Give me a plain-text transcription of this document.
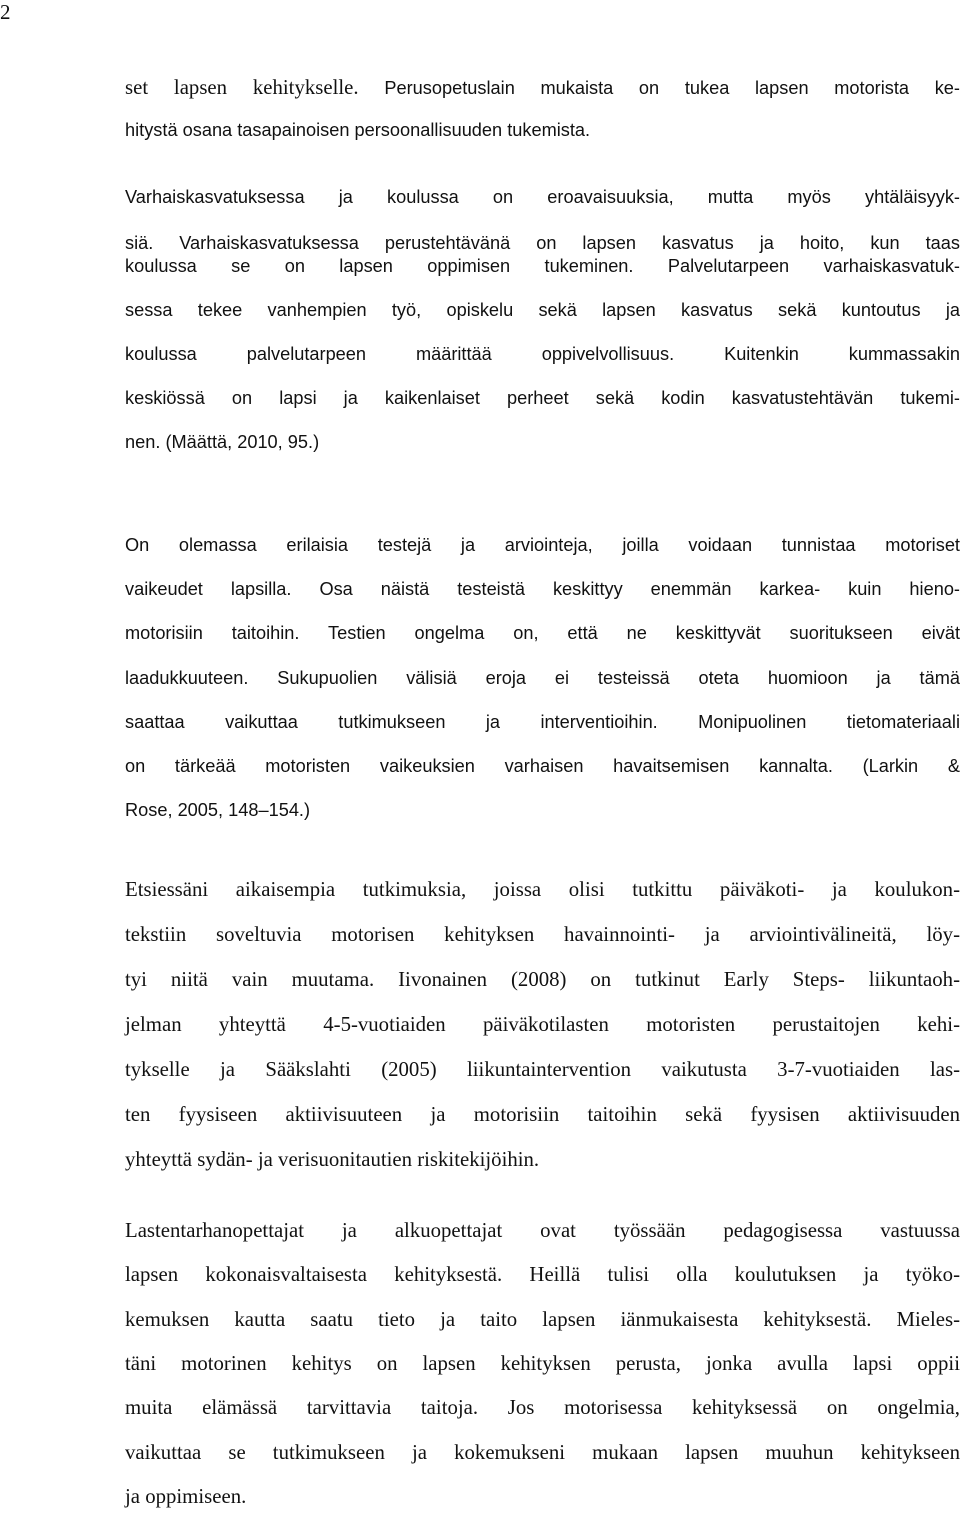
2
set lapsen kehitykselle. Perusopetuslain mukaista on tukea lapsen motorista ke-
hitystä osana tasapainoisen persoonallisuuden tukemista.
Varhaiskasvatuksessa ja koulussa on eroavaisuuksia, mutta myös yhtäläisyyk-
siä. Varhaiskasvatuksessa perustehtävänä on lapsen kasvatus ja hoito, kun taas
koulussa se on lapsen oppimisen tukeminen. Palvelutarpeen varhaiskasvatuk-
sessa tekee vanhempien työ, opiskelu sekä lapsen kasvatus sekä kuntoutus ja
koulussa palvelutarpeen määrittää oppivelvollisuus. Kuitenkin kummassakin
keskiössä on lapsi ja kaikenlaiset perheet sekä kodin kasvatustehtävän tukemi-
nen. (Määttä, 2010, 95.)
On olemassa erilaisia testejä ja arviointeja, joilla voidaan tunnistaa motoriset
vaikeudet lapsilla. Osa näistä testeistä keskittyy enemmän karkea- kuin hieno-
motorisiin taitoihin. Testien ongelma on, että ne keskittyvät suoritukseen eivät
laadukkuuteen. Sukupuolien välisiä eroja ei testeissä oteta huomioon ja tämä
saattaa vaikuttaa tutkimukseen ja interventioihin. Monipuolinen tietomateriaali
on tärkeää motoristen vaikeuksien varhaisen havaitsemisen kannalta. (Larkin &
Rose, 2005, 148–154.)
Etsiessäni aikaisempia tutkimuksia, joissa olisi tutkittu päiväkoti- ja koulukon-
tekstiin soveltuvia motorisen kehityksen havainnointi- ja arviointivälineitä, löy-
tyi niitä vain muutama. Iivonainen (2008) on tutkinut Early Steps- liikuntaoh-
jelman yhteyttä 4-5-vuotiaiden päiväkotilasten motoristen perustaitojen kehi-
tykselle ja Sääkslahti (2005) liikuntaintervention vaikutusta 3-7-vuotiaiden las-
ten fyysiseen aktiivisuuteen ja motorisiin taitoihin sekä fyysisen aktiivisuuden
yhteyttä sydän- ja verisuonitautien riskitekijöihin.
Lastentarhanopettajat ja alkuopettajat ovat työssään pedagogisessa vastuussa
lapsen kokonaisvaltaisesta kehityksestä. Heillä tulisi olla koulutuksen ja työko-
kemuksen kautta saatu tieto ja taito lapsen iänmukaisesta kehityksestä. Mieles-
täni motorinen kehitys on lapsen kehityksen perusta, jonka avulla lapsi oppii
muita elämässä tarvittavia taitoja. Jos motorisessa kehityksessä on ongelmia,
vaikuttaa se tutkimukseen ja kokemukseni mukaan lapsen muuhun kehitykseen
ja oppimiseen.
